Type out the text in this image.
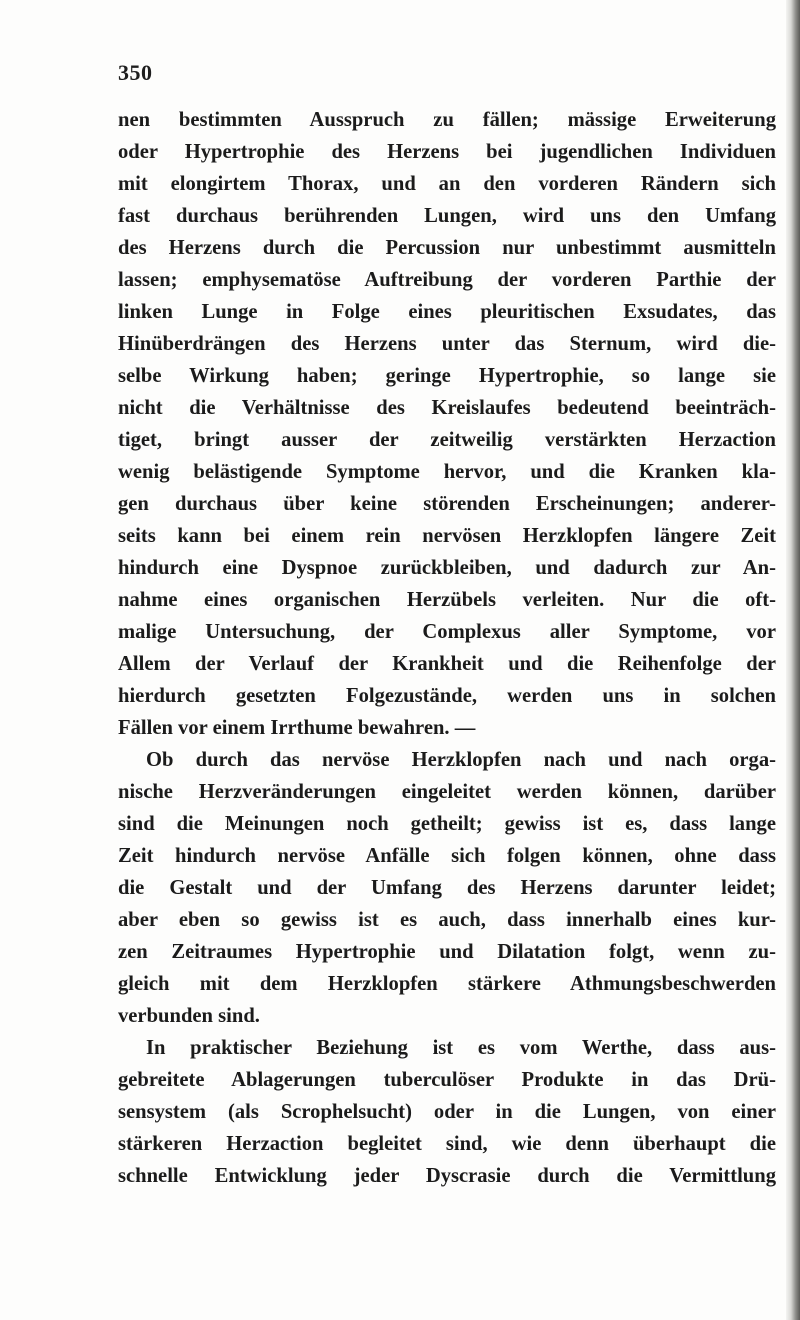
350
nen bestimmten Ausspruch zu fällen; mässige Erweiterung
oder Hypertrophie des Herzens bei jugendlichen Individuen
mit elongirtem Thorax, und an den vorderen Rändern sich
fast durchaus berührenden Lungen, wird uns den Umfang
des Herzens durch die Percussion nur unbestimmt ausmitteln
lassen; emphysematöse Auftreibung der vorderen Parthie der
linken Lunge in Folge eines pleuritischen Exsudates, das
Hinüberdrängen des Herzens unter das Sternum, wird die-
selbe Wirkung haben; geringe Hypertrophie, so lange sie
nicht die Verhältnisse des Kreislaufes bedeutend beeinträch-
tiget, bringt ausser der zeitweilig verstärkten Herzaction
wenig belästigende Symptome hervor, und die Kranken kla-
gen durchaus über keine störenden Erscheinungen; anderer-
seits kann bei einem rein nervösen Herzklopfen längere Zeit
hindurch eine Dyspnoe zurückbleiben, und dadurch zur An-
nahme eines organischen Herzübels verleiten. Nur die oft-
malige Untersuchung, der Complexus aller Symptome, vor
Allem der Verlauf der Krankheit und die Reihenfolge der
hierdurch gesetzten Folgezustände, werden uns in solchen
Fällen vor einem Irrthume bewahren. —
Ob durch das nervöse Herzklopfen nach und nach orga-
nische Herzveränderungen eingeleitet werden können, darüber
sind die Meinungen noch getheilt; gewiss ist es, dass lange
Zeit hindurch nervöse Anfälle sich folgen können, ohne dass
die Gestalt und der Umfang des Herzens darunter leidet;
aber eben so gewiss ist es auch, dass innerhalb eines kur-
zen Zeitraumes Hypertrophie und Dilatation folgt, wenn zu-
gleich mit dem Herzklopfen stärkere Athmungsbeschwerden
verbunden sind.
In praktischer Beziehung ist es vom Werthe, dass aus-
gebreitete Ablagerungen tuberculöser Produkte in das Drü-
sensystem (als Scrophelsucht) oder in die Lungen, von einer
stärkeren Herzaction begleitet sind, wie denn überhaupt die
schnelle Entwicklung jeder Dyscrasie durch die Vermittlung
